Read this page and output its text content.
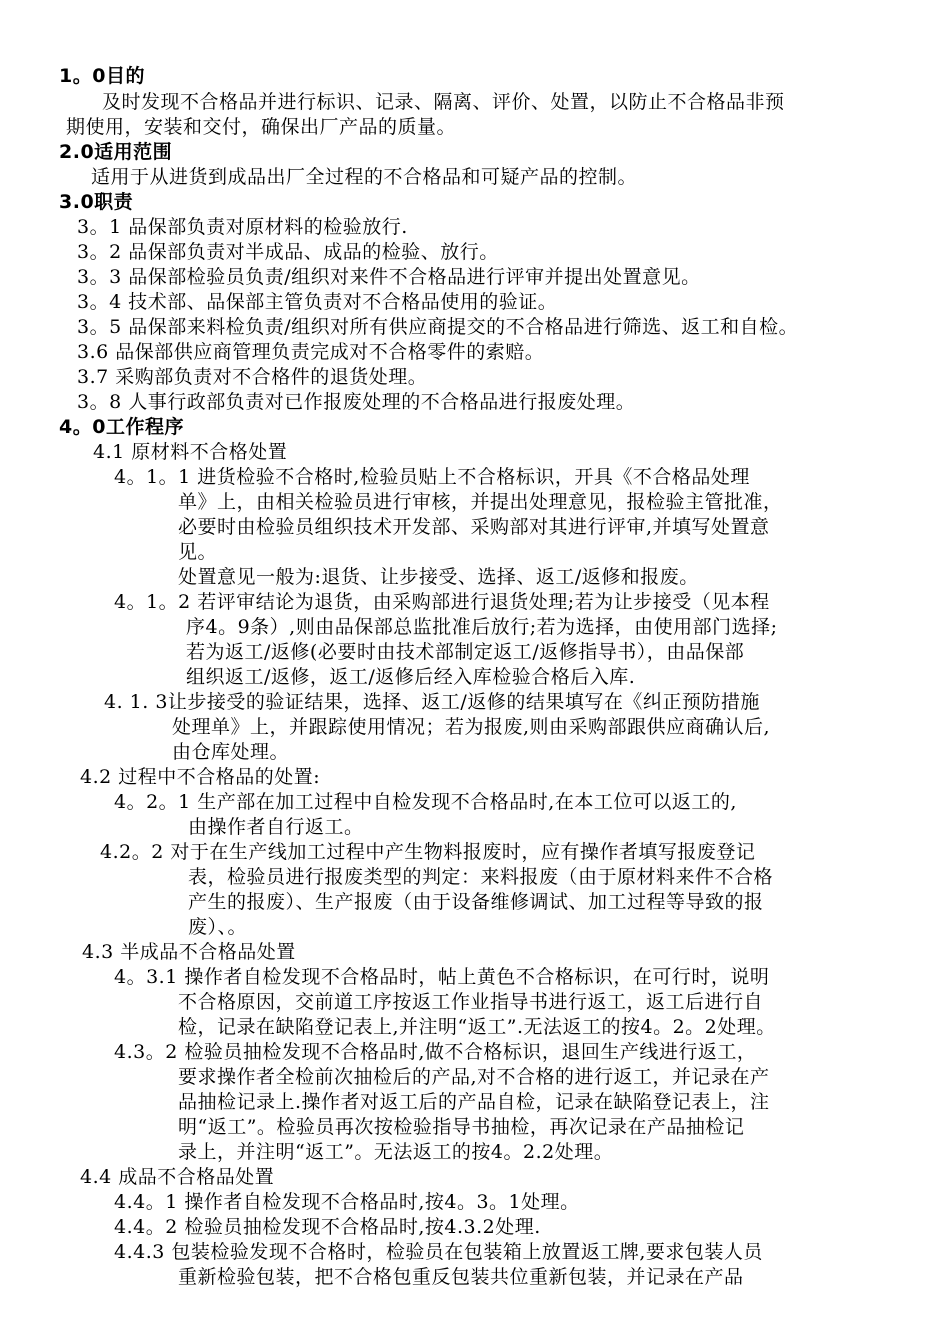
1。0目的
及时发现不合格品并进行标识、记录、隔离、评价、处置，以防止不合格品非预
期使用，安装和交付，确保出厂产品的质量。
2.0适用范围
适用于从进货到成品出厂全过程的不合格品和可疑产品的控制。
3.0职责
3。1 品保部负责对原材料的检验放行.
3。2 品保部负责对半成品、成品的检验、放行。
3。3 品保部检验员负责/组织对来件不合格品进行评审并提出处置意见。
3。4 技术部、品保部主管负责对不合格品使用的验证。
3。5 品保部来料检负责/组织对所有供应商提交的不合格品进行筛选、返工和自检。
3.6 品保部供应商管理负责完成对不合格零件的索赔。
3.7 采购部负责对不合格件的退货处理。
3。8 人事行政部负责对已作报废处理的不合格品进行报废处理。
4。0工作程序
4.1 原材料不合格处置
4。1。1 进货检验不合格时,检验员贴上不合格标识，开具《不合格品处理
单》上，由相关检验员进行审核，并提出处理意见，报检验主管批准，
必要时由检验员组织技术开发部、采购部对其进行评审,并填写处置意
见。
处置意见一般为:退货、让步接受、选择、返工/返修和报废。
4。1。2 若评审结论为退货，由采购部进行退货处理;若为让步接受（见本程
序4。9条）,则由品保部总监批准后放行;若为选择，由使用部门选择;
若为返工/返修(必要时由技术部制定返工/返修指导书），由品保部
组织返工/返修，返工/返修后经入库检验合格后入库.
4. 1. 3让步接受的验证结果，选择、返工/返修的结果填写在《纠正预防措施
处理单》上，并跟踪使用情况；若为报废,则由采购部跟供应商确认后,
由仓库处理。
4.2 过程中不合格品的处置:
4。2。1 生产部在加工过程中自检发现不合格品时,在本工位可以返工的,
由操作者自行返工。
4.2。2 对于在生产线加工过程中产生物料报废时，应有操作者填写报废登记
表，检验员进行报废类型的判定：来料报废（由于原材料来件不合格
产生的报废）、生产报废（由于设备维修调试、加工过程等导致的报
废）、。
4.3 半成品不合格品处置
4。3.1 操作者自检发现不合格品时，帖上黄色不合格标识，在可行时，说明
不合格原因，交前道工序按返工作业指导书进行返工，返工后进行自
检，记录在缺陷登记表上,并注明“返工”.无法返工的按4。2。2处理。
4.3。2 检验员抽检发现不合格品时,做不合格标识，退回生产线进行返工，
要求操作者全检前次抽检后的产品,对不合格的进行返工，并记录在产
品抽检记录上.操作者对返工后的产品自检，记录在缺陷登记表上，注
明“返工”。检验员再次按检验指导书抽检，再次记录在产品抽检记
录上，并注明“返工”。无法返工的按4。2.2处理。
4.4 成品不合格品处置
4.4。1 操作者自检发现不合格品时,按4。3。1处理。
4.4。2 检验员抽检发现不合格品时,按4.3.2处理.
4.4.3 包装检验发现不合格时，检验员在包装箱上放置返工牌,要求包装人员
重新检验包装，把不合格包重反包装共位重新包装，并记录在产品
